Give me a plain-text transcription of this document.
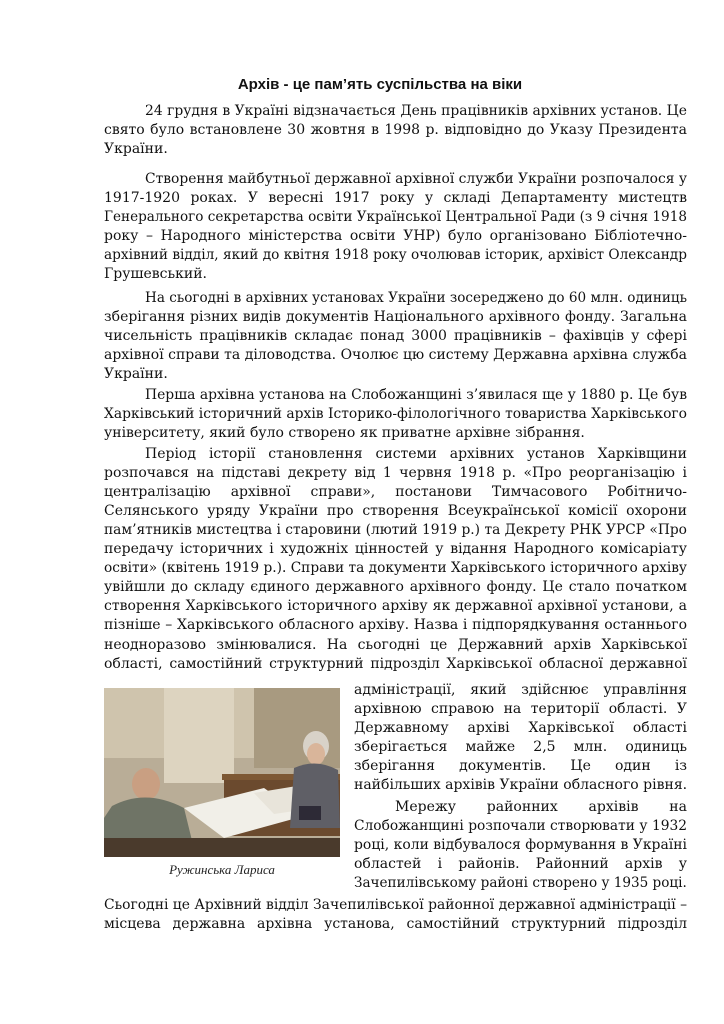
Архів - це пам’ять суспільства на віки

24 грудня в Україні відзначається День працівників архівних установ. Це

свято було встановлене 30 жовтня в 1998 р. відповідно до Указу Президента

України.

Створення майбутньої державної архівної служби України розпочалося у

1917-1920 роках. У вересні 1917 року у складі Департаменту мистецтв

Генерального секретарства освіти Української Центральної Ради (з 9 січня 1918

року – Народного міністерства освіти УНР) було організовано Бібліотечно-

архівний відділ, який до квітня 1918 року очолював історик, архівіст Олександр

Грушевський.

На сьогодні в архівних установах України зосереджено до 60 млн. одиниць

зберігання різних видів документів Національного архівного фонду. Загальна

чисельність працівників складає понад 3000 працівників – фахівців у сфері

архівної справи та діловодства. Очолює цю систему Державна архівна служба

України.

Перша архівна установа на Слобожанщині з’явилася ще у 1880 р. Це був

Харківський історичний архів Історико-філологічного товариства Харківського

університету, який було створено як приватне архівне зібрання.

Період історії становлення системи архівних установ Харківщини

розпочався на підставі декрету від 1 червня 1918 р. «Про реорганізацію і

централізацію архівної справи», постанови Тимчасового Робітничо-

Селянського уряду України про створення Всеукраїнської комісії охорони

пам’ятників мистецтва і старовини (лютий 1919 р.) та Декрету РНК УРСР «Про

передачу історичних і художніх цінностей у відання Народного комісаріату

освіти» (квітень 1919 р.). Справи та документи Харківського історичного архіву

увійшли до складу єдиного державного архівного фонду. Це стало початком

створення Харківського історичного архіву як державної архівної установи, а

пізніше – Харківського обласного архіву. Назва і підпорядкування останнього

неодноразово змінювалися. На сьогодні це Державний архів Харківської

області, самостійний структурний підрозділ Харківської обласної державної

адміністрації, який здійснює управління

архівною справою на території області. У

Державному архіві Харківської області

зберігається майже 2,5 млн. одиниць

зберігання документів. Це один із

найбільших архівів України обласного рівня.

Мережу районних архівів на

Слобожанщині розпочали створювати у 1932

році, коли відбувалося формування в Україні

областей і районів. Районний архів у

Зачепилівському районі створено у 1935 році.

Сьогодні це Архівний відділ Зачепилівської районної державної адміністрації –

місцева державна архівна установа, самостійний структурний підрозділ

Ружинська Лариса
